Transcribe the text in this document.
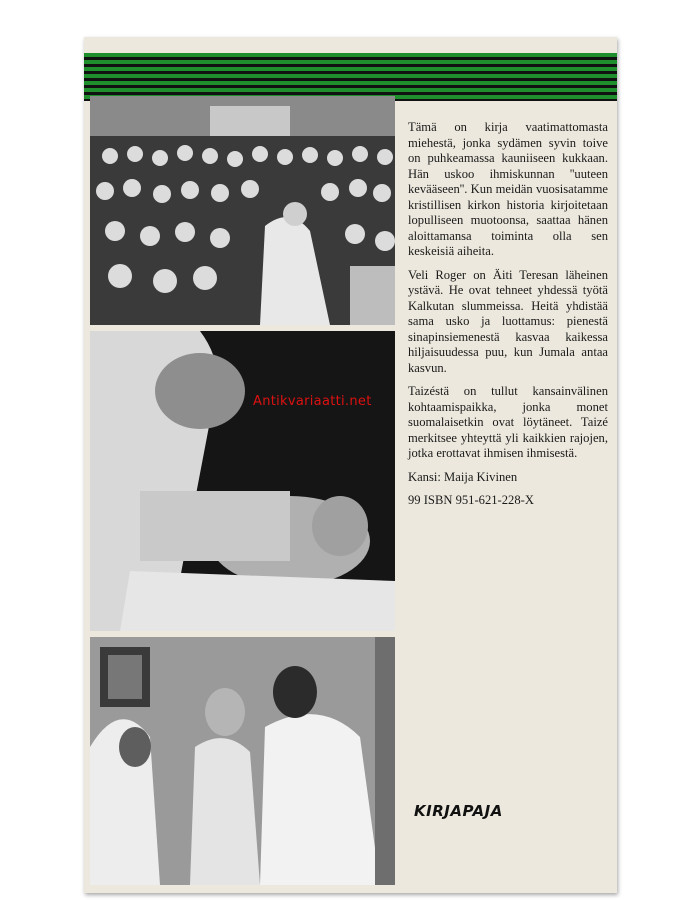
Tämä on kirja vaatimattomasta miehestä, jonka sydämen syvin toive on puhkeamassa kauniiseen kukkaan. Hän uskoo ihmiskunnan ''uuteen kevääseen''. Kun meidän vuosisatamme kristillisen kirkon historia kirjoitetaan lopulliseen muotoonsa, saattaa hänen aloittamansa toiminta olla sen keskeisiä aiheita.

Veli Roger on Äiti Teresan läheinen ystävä. He ovat tehneet yhdessä työtä Kalkutan slummeissa. Heitä yhdistää sama usko ja luottamus: pienestä sinapinsiemenestä kasvaa kaikessa hiljaisuudessa puu, kun Jumala antaa kasvun.

Taizéstä on tullut kansainvälinen kohtaamispaikka, jonka monet suomalaisetkin ovat löytäneet. Taizé merkitsee yhteyttä yli kaikkien rajojen, jotka erottavat ihmisen ihmisestä.

Kansi: Maija Kivinen
99 ISBN 951-621-228-X
KIRJAPAJA
Antikvariaatti.net
